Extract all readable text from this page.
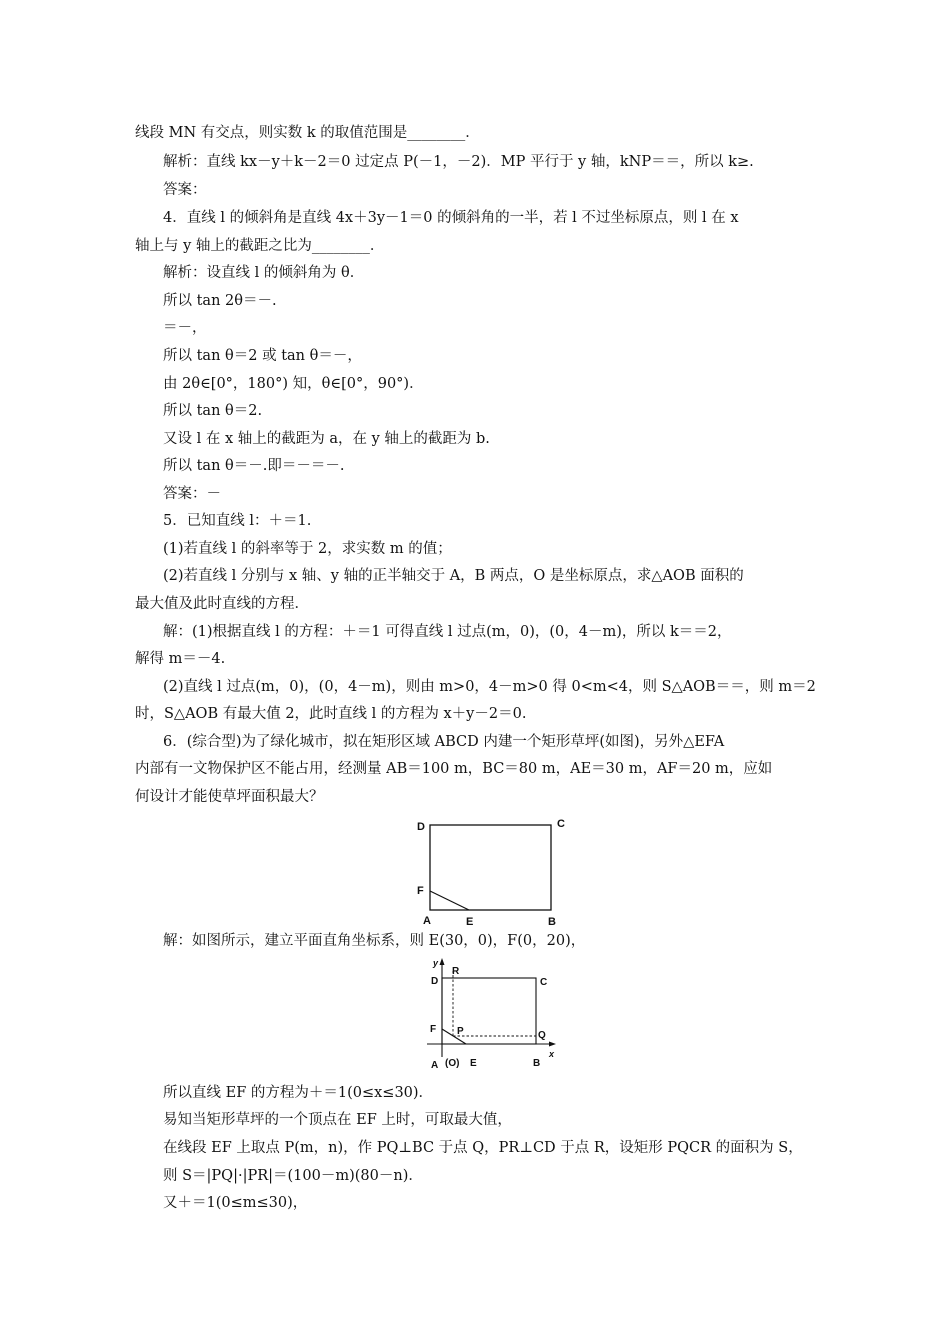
线段 MN 有交点，则实数 k 的取值范围是________．
解析：直线 kx－y＋k－2＝0 过定点 P(－1，－2)．MP 平行于 y 轴，kNP＝＝，所以 k≥.
答案：
4．直线 l 的倾斜角是直线 4x＋3y－1＝0 的倾斜角的一半，若 l 不过坐标原点，则 l 在 x
轴上与 y 轴上的截距之比为________．
解析：设直线 l 的倾斜角为 θ．
所以 tan 2θ＝－.
＝－，
所以 tan θ＝2 或 tan θ＝－，
由 2θ∈[0°，180°) 知，θ∈[0°，90°)．
所以 tan θ＝2.
又设 l 在 x 轴上的截距为 a，在 y 轴上的截距为 b.
所以 tan θ＝－.即＝－＝－.
答案：－
5．已知直线 l：＋＝1.
(1)若直线 l 的斜率等于 2，求实数 m 的值；
(2)若直线 l 分别与 x 轴、y 轴的正半轴交于 A，B 两点，O 是坐标原点，求△AOB 面积的
最大值及此时直线的方程．
解：(1)根据直线 l 的方程：＋＝1 可得直线 l 过点(m，0)，(0，4－m)，所以 k＝＝2，
解得 m＝－4.
(2)直线 l 过点(m，0)，(0，4－m)，则由 m>0，4－m>0 得 0<m<4，则 S△AOB＝＝，则 m＝2
时，S△AOB 有最大值 2，此时直线 l 的方程为 x＋y－2＝0.
6．(综合型)为了绿化城市，拟在矩形区域 ABCD 内建一个矩形草坪(如图)，另外△EFA
内部有一文物保护区不能占用，经测量 AB＝100 m，BC＝80 m，AE＝30 m，AF＝20 m，应如
何设计才能使草坪面积最大？
D	C
F
A	E	B
解：如图所示，建立平面直角坐标系，则 E(30，0)，F(0，20)，
y
R
D	C
F P	Q
A (O) E	B
x
所以直线 EF 的方程为＋＝1(0≤x≤30)．
易知当矩形草坪的一个顶点在 EF 上时，可取最大值，
在线段 EF 上取点 P(m，n)，作 PQ⊥BC 于点 Q，PR⊥CD 于点 R，设矩形 PQCR 的面积为 S，
则 S＝|PQ|·|PR|＝(100－m)(80－n)．
又＋＝1(0≤m≤30)，
